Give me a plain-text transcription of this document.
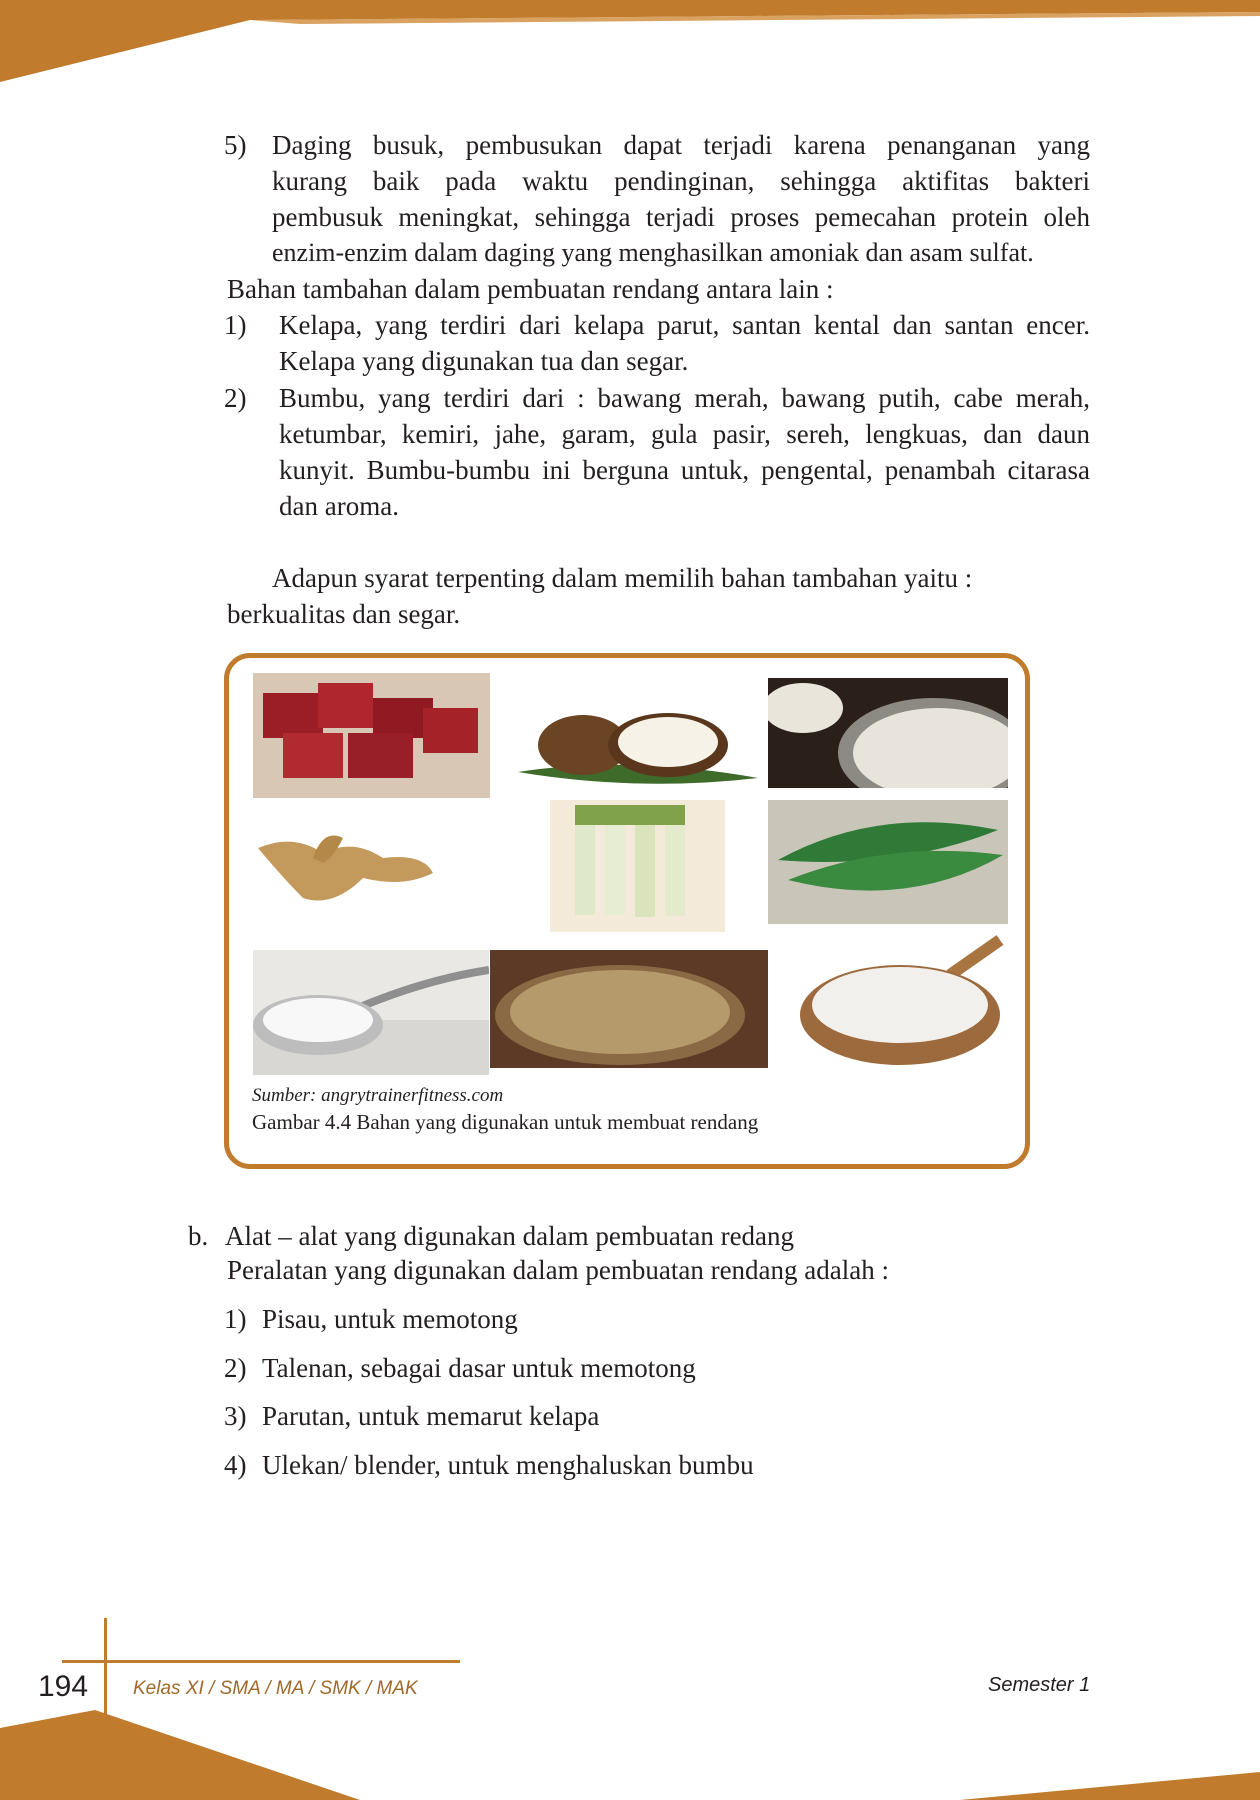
5) Daging busuk, pembusukan dapat terjadi karena penanganan yang
kurang baik pada waktu pendinginan, sehingga aktifitas bakteri
pembusuk meningkat, sehingga terjadi proses pemecahan protein oleh
enzim-enzim dalam daging yang menghasilkan amoniak dan asam sulfat.
Bahan tambahan dalam pembuatan rendang antara lain :
1) Kelapa, yang terdiri dari kelapa parut, santan kental dan santan encer.
Kelapa yang digunakan tua dan segar.
2) Bumbu, yang terdiri dari : bawang merah, bawang putih, cabe merah,
ketumbar, kemiri, jahe, garam, gula pasir, sereh, lengkuas, dan daun
kunyit. Bumbu-bumbu ini berguna untuk, pengental, penambah citarasa
dan aroma.
Adapun syarat terpenting dalam memilih bahan tambahan yaitu :
berkualitas dan segar.
Sumber: angrytrainerfitness.com
Gambar 4.4 Bahan yang digunakan untuk membuat rendang
b. Alat – alat yang digunakan dalam pembuatan redang
Peralatan yang digunakan dalam pembuatan rendang adalah :
1) Pisau, untuk memotong
2) Talenan, sebagai dasar untuk memotong
3) Parutan, untuk memarut kelapa
4) Ulekan/ blender, untuk menghaluskan bumbu
194 Kelas XI / SMA / MA / SMK / MAK	Semester 1
